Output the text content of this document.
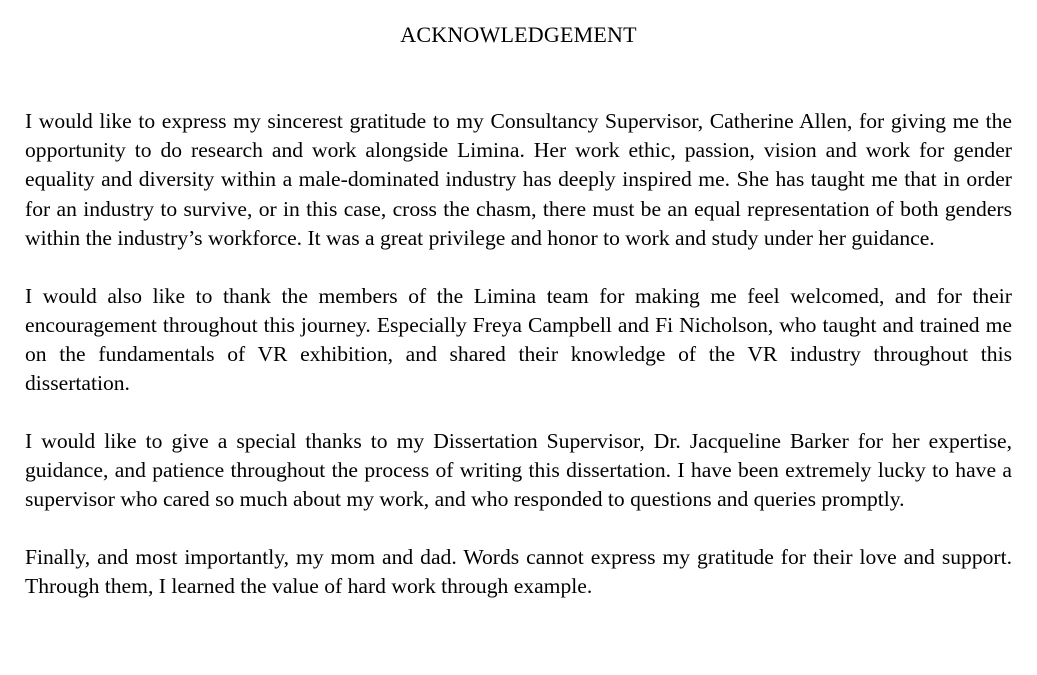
ACKNOWLEDGEMENT

I would like to express my sincerest gratitude to my Consultancy Supervisor, Catherine Allen, for giving me the opportunity to do research and work alongside Limina. Her work ethic, passion, vision and work for gender equality and diversity within a male-dominated industry has deeply inspired me. She has taught me that in order for an industry to survive, or in this case, cross the chasm, there must be an equal representation of both genders within the industry’s workforce. It was a great privilege and honor to work and study under her guidance.

I would also like to thank the members of the Limina team for making me feel welcomed, and for their encouragement throughout this journey. Especially Freya Campbell and Fi Nicholson, who taught and trained me on the fundamentals of VR exhibition, and shared their knowledge of the VR industry throughout this dissertation.

I would like to give a special thanks to my Dissertation Supervisor, Dr. Jacqueline Barker for her expertise, guidance, and patience throughout the process of writing this dissertation. I have been extremely lucky to have a supervisor who cared so much about my work, and who responded to questions and queries promptly.

Finally, and most importantly, my mom and dad. Words cannot express my gratitude for their love and support. Through them, I learned the value of hard work through example.
